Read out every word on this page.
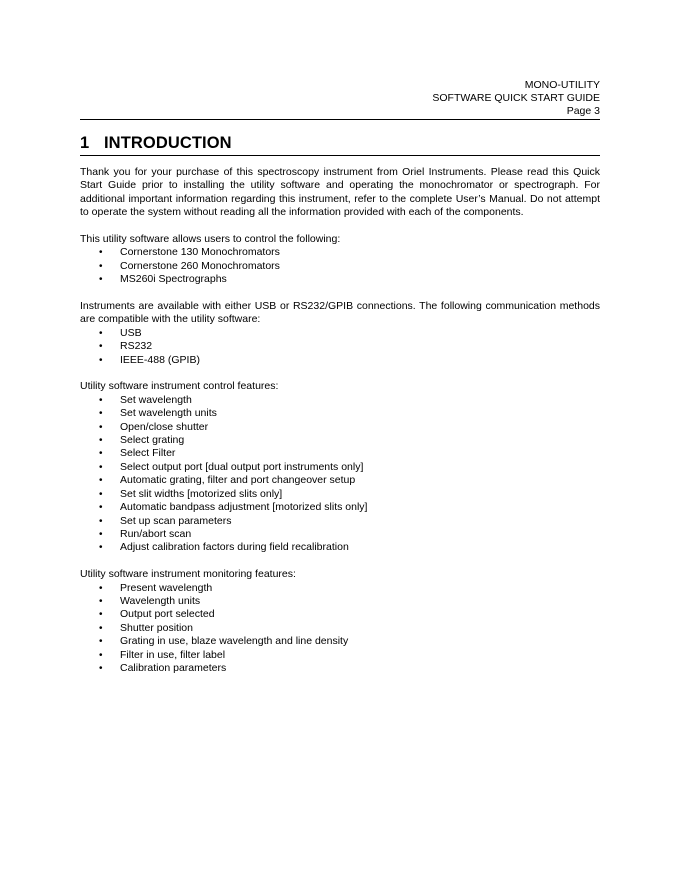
MONO-UTILITY
SOFTWARE QUICK START GUIDE
Page 3
1 INTRODUCTION

Thank you for your purchase of this spectroscopy instrument from Oriel Instruments. Please read this Quick Start Guide prior to installing the utility software and operating the monochromator or spectrograph. For additional important information regarding this instrument, refer to the complete User’s Manual. Do not attempt to operate the system without reading all the information provided with each of the components.

This utility software allows users to control the following:

• Cornerstone 130 Monochromators
• Cornerstone 260 Monochromators
• MS260i Spectrographs

Instruments are available with either USB or RS232/GPIB connections. The following communication methods are compatible with the utility software:

• USB
• RS232
• IEEE-488 (GPIB)

Utility software instrument control features:

• Set wavelength
• Set wavelength units
• Open/close shutter
• Select grating
• Select Filter
• Select output port [dual output port instruments only]
• Automatic grating, filter and port changeover setup
• Set slit widths [motorized slits only]
• Automatic bandpass adjustment [motorized slits only]
• Set up scan parameters
• Run/abort scan
• Adjust calibration factors during field recalibration

Utility software instrument monitoring features:

• Present wavelength
• Wavelength units
• Output port selected
• Shutter position
• Grating in use, blaze wavelength and line density
• Filter in use, filter label
• Calibration parameters
